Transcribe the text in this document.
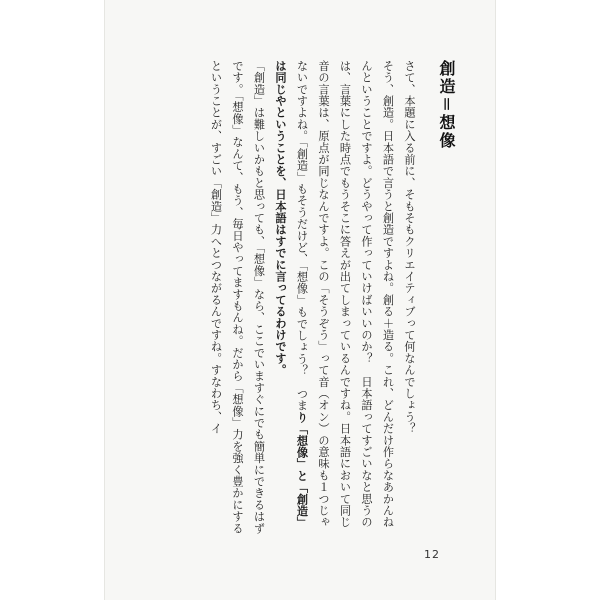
創造＝想像

さて、本題に入る前に、そもそもクリエイティブって何なんでしょう？

そう、創造。日本語で言うと創造ですよね。創る＋造る。これ、どんだけ作らなあかんねんということですよ。どうやって作っていけばいいのか？　日本語ってすごいなと思うのは、言葉にした時点でもうそこに答えが出てしまっているんですね。日本語において同じ音の言葉は、原点が同じなんですよ。この「そうぞう」って音（オン）の意味も１つじゃないですよね。「創造」もそうだけど、「想像」もでしょう？　つまり「想像」と「創造」は同じやということを、日本語はすでに言ってるわけです。

「創造」は難しいかもと思っても、「想像」なら、ここでいますぐにでも簡単にできるはずです。「想像」なんて、もう、毎日やってますもんね。だから「想像」力を強く豊かにするということが、すごい「創造」力へとつながるんですね。すなわち、イ

12
